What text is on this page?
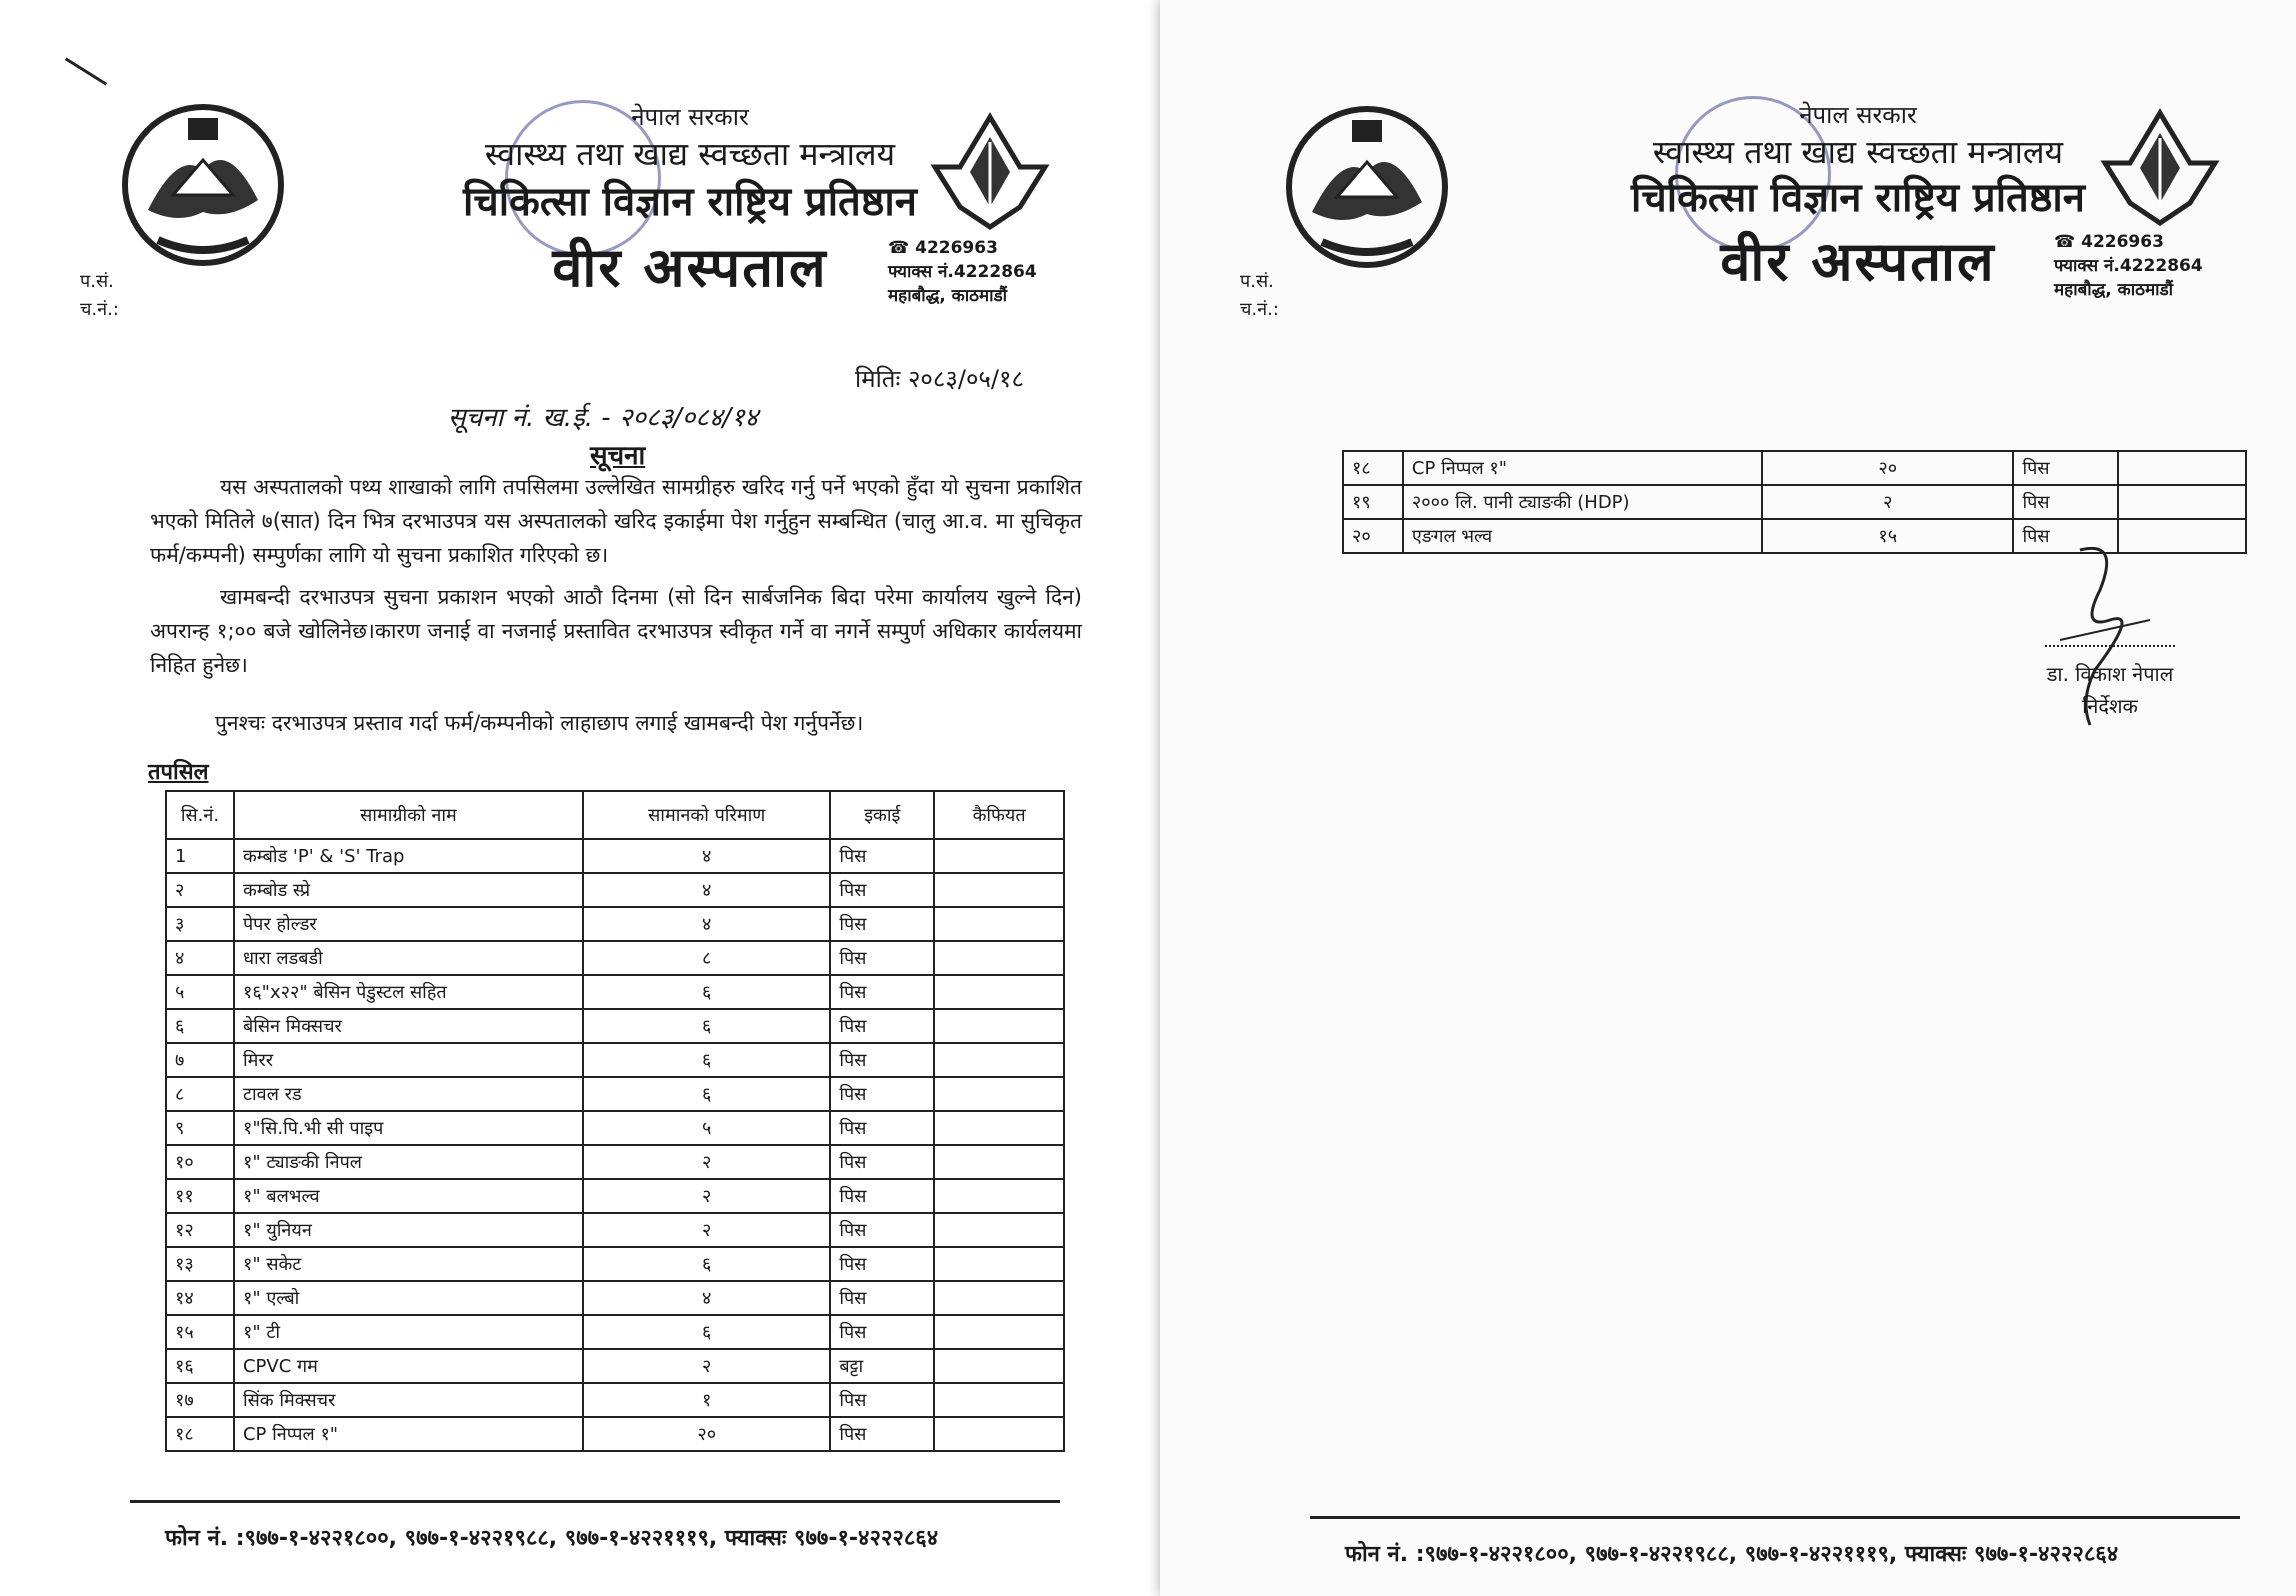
नेपाल सरकार
स्वास्थ्य तथा खाद्य स्वच्छता मन्त्रालय
चिकित्सा विज्ञान राष्ट्रिय प्रतिष्ठान
वीर अस्पताल	☎ 4226963
फ्याक्स नं.4222864
महाबौद्ध, काठमाडौं
प.सं.
च.नं.:
मितिः २०८३/०५/१८
सूचना नं. ख.ई. - २०८३/०८४/१४
सूचना
यस अस्पतालको पथ्य शाखाको लागि तपसिलमा उल्लेखित सामग्रीहरु खरिद गर्नु पर्ने भएको हुँदा यो सुचना प्रकाशित भएको मितिले ७(सात) दिन भित्र दरभाउपत्र यस अस्पतालको खरिद इकाईमा पेश गर्नुहुन सम्बन्धित (चालु आ.व. मा सुचिकृत फर्म/कम्पनी) सम्पुर्णका लागि यो सुचना प्रकाशित गरिएको छ।
खामबन्दी दरभाउपत्र सुचना प्रकाशन भएको आठौ दिनमा (सो दिन सार्बजनिक बिदा परेमा कार्यालय खुल्ने दिन) अपरान्ह १;०० बजे खोलिनेछ।कारण जनाई वा नजनाई प्रस्तावित दरभाउपत्र स्वीकृत गर्ने वा नगर्ने सम्पुर्ण अधिकार कार्यलयमा निहित हुनेछ।
पुनश्चः दरभाउपत्र प्रस्ताव गर्दा फर्म/कम्पनीको लाहाछाप लगाई खामबन्दी पेश गर्नुपर्नेछ।
तपसिल
सि.नं.	सामाग्रीको नाम	सामानको परिमाण	इकाई	कैफियत
1	कम्बोड 'P' & 'S' Trap	४	पिस	
२	कम्बोड स्प्रे	४	पिस	
३	पेपर होल्डर	४	पिस	
४	धारा लडबडी	८	पिस	
५	१६"x२२" बेसिन पेडुस्टल सहित	६	पिस	
६	बेसिन मिक्सचर	६	पिस	
७	मिरर	६	पिस	
८	टावल रड	६	पिस	
९	१"सि.पि.भी सी पाइप	५	पिस	
१०	१" ट्याङकी निपल	२	पिस	
११	१" बलभल्व	२	पिस	
१२	१" युनियन	२	पिस	
१३	१" सकेट	६	पिस	
१४	१" एल्बो	४	पिस	
१५	१" टी	६	पिस	
१६	CPVC गम	२	बट्टा	
१७	सिंक मिक्सचर	१	पिस	
१८	CP निप्पल १"	२०	पिस	
फोन नं. :९७७-१-४२२१८००, ९७७-१-४२२१९८८, ९७७-१-४२२१११९, फ्याक्सः ९७७-१-४२२२८६४
नेपाल सरकार
स्वास्थ्य तथा खाद्य स्वच्छता मन्त्रालय
चिकित्सा विज्ञान राष्ट्रिय प्रतिष्ठान
वीर अस्पताल	☎ 4226963
फ्याक्स नं.4222864
महाबौद्ध, काठमाडौं
प.सं.
च.नं.:
१८	CP निप्पल १"	२०	पिस	
१९	२००० लि. पानी ट्याङकी (HDP)	२	पिस	
२०	एङगल भल्व	१५	पिस	
डा. विकाश नेपाल
निर्देशक
फोन नं. :९७७-१-४२२१८००, ९७७-१-४२२१९८८, ९७७-१-४२२१११९, फ्याक्सः ९७७-१-४२२२८६४
